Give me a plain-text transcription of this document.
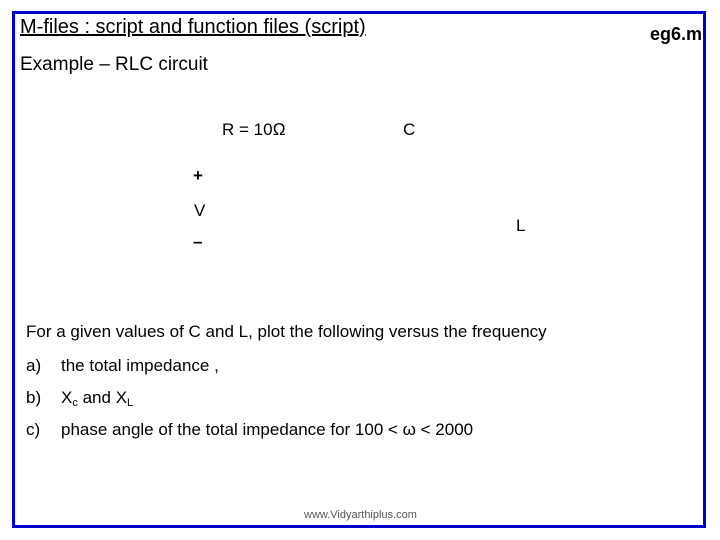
M-files : script and function files (script)	eg6.m
Example – RLC circuit
R = 10Ω	C
+
V
L
–
For a given values of C and L, plot the following versus the frequency
a) the total impedance ,
b) $X_c$ and $X_L$
c) phase angle of the total impedance for 100 < ω < 2000
www.Vidyarthiplus.com
